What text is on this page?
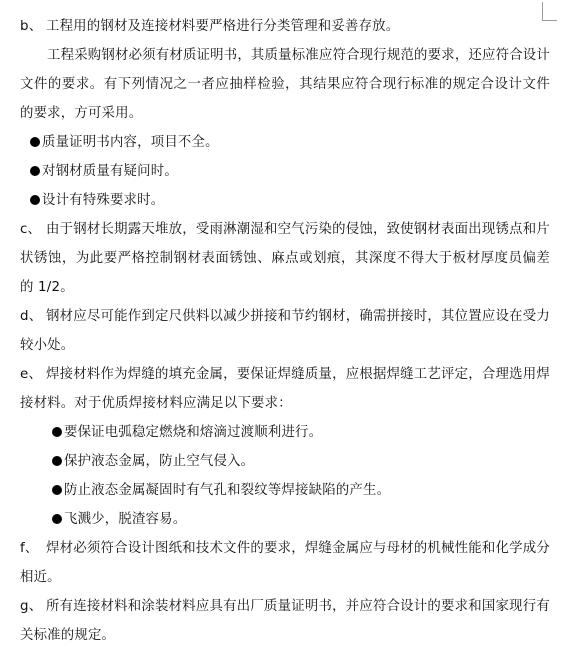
b、 工程用的钢材及连接材料要严格进行分类管理和妥善存放。

工程采购钢材必须有材质证明书，其质量标准应符合现行规范的要求，还应符合设计文件的要求。有下列情况之一者应抽样检验，其结果应符合现行标准的规定合设计文件的要求，方可采用。

质量证明书内容，项目不全。

对钢材质量有疑问时。

设计有特殊要求时。

c、 由于钢材长期露天堆放，受雨淋潮湿和空气污染的侵蚀，致使钢材表面出现锈点和片状锈蚀，为此要严格控制钢材表面锈蚀、麻点或划痕，其深度不得大于板材厚度员偏差的 1/2。

d、 钢材应尽可能作到定尺供料以减少拼接和节约钢材，确需拼接时，其位置应设在受力较小处。

e、 焊接材料作为焊缝的填充金属，要保证焊缝质量，应根据焊缝工艺评定，合理选用焊接材料。对于优质焊接材料应满足以下要求：

要保证电弧稳定燃烧和熔滴过渡顺利进行。

保护液态金属，防止空气侵入。

防止液态金属凝固时有气孔和裂纹等焊接缺陷的产生。

飞溅少，脱渣容易。

f、 焊材必须符合设计图纸和技术文件的要求，焊缝金属应与母材的机械性能和化学成分相近。

g、 所有连接材料和涂装材料应具有出厂质量证明书，并应符合设计的要求和国家现行有关标准的规定。
